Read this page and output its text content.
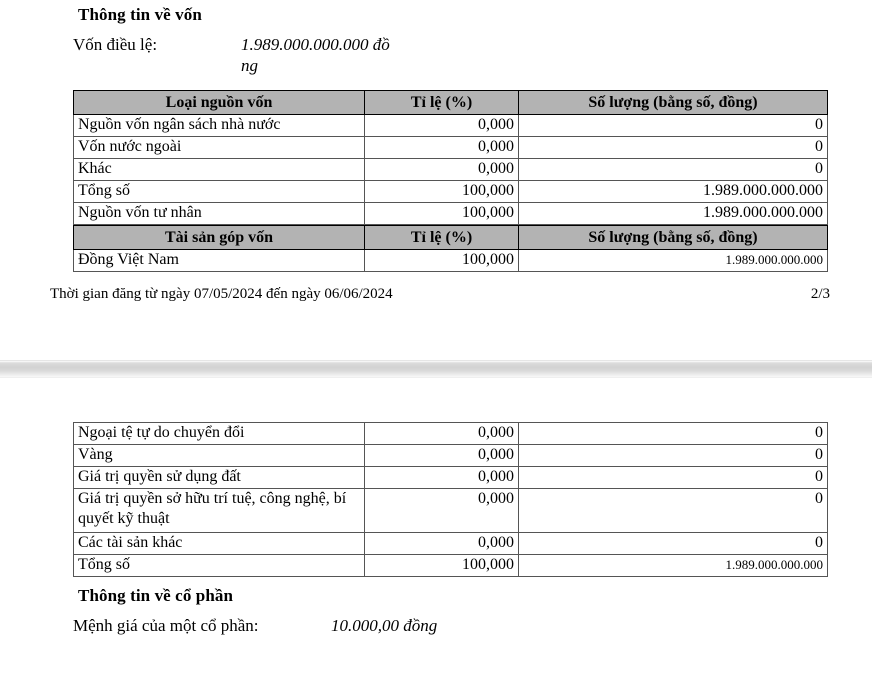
Thông tin về vốn
Vốn điều lệ:	1.989.000.000.000 đồng
Loại nguồn vốn	Tỉ lệ (%)	Số lượng (bằng số, đồng)
Nguồn vốn ngân sách nhà nước	0,000	0
Vốn nước ngoài	0,000	0
Khác	0,000	0
Tổng số	100,000	1.989.000.000.000
Nguồn vốn tư nhân	100,000	1.989.000.000.000
Tài sản góp vốn	Tỉ lệ (%)	Số lượng (bằng số, đồng)
Đồng Việt Nam	100,000	1.989.000.000.000
Thời gian đăng từ ngày 07/05/2024 đến ngày 06/06/2024	2/3
Ngoại tệ tự do chuyển đổi	0,000	0
Vàng	0,000	0
Giá trị quyền sử dụng đất	0,000	0
Giá trị quyền sở hữu trí tuệ, công nghệ, bí quyết kỹ thuật	0,000	0
Các tài sản khác	0,000	0
Tổng số	100,000	1.989.000.000.000
Thông tin về cổ phần
Mệnh giá của một cổ phần:	10.000,00 đồng
